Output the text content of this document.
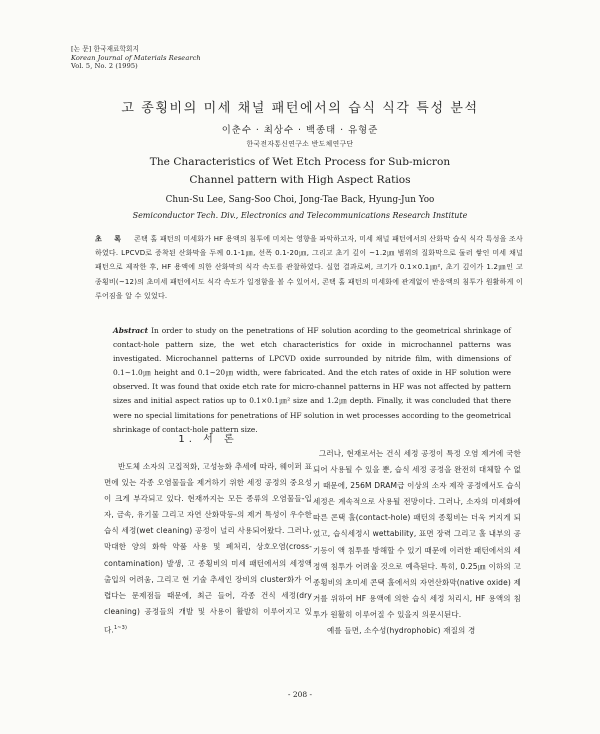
[논 문] 한국재료학회지
Korean Journal of Materials Research
Vol. 5, No. 2 (1995)
고 종횡비의 미세 채널 패턴에서의 습식 식각 특성 분석
이춘수 · 최상수 · 백종태 · 유형준
한국전자통신연구소 반도체연구단
The Characteristics of Wet Etch Process for Sub-micron
Channel pattern with High Aspect Ratios
Chun-Su Lee, Sang-Soo Choi, Jong-Tae Back, Hyung-Jun Yoo
Semiconductor Tech. Div., Electronics and Telecommunications Research Institute
초 록 콘택 홀 패턴의 미세화가 HF 용액의 침투에 미치는 영향을 파악하고자, 미세 채널 패턴에서의 산화막 습식 식각 특성을 조사하였다. LPCVD로 증착된 산화막을 두께 0.1-1㎛, 선폭 0.1-20㎛, 그리고 초기 깊이 ~1.2㎛ 범위의 질화막으로 둘러 쌓인 미세 채널 패턴으로 제작한 후, HF 용액에 의한 산화막의 식각 속도를 관찰하였다. 실험 결과로써, 크기가 0.1×0.1㎛², 초기 깊이가 1.2㎛인 고 종횡비(~12)의 초미세 패턴에서도 식각 속도가 일정함을 볼 수 있어서, 콘택 홀 패턴의 미세화에 관계없이 반응액의 침투가 원활하게 이루어짐을 알 수 있었다.
Abstract In order to study on the penetrations of HF solution acording to the geometrical shrinkage of contact-hole pattern size, the wet etch characteristics for oxide in microchannel patterns was investigated. Microchannel patterns of LPCVD oxide surrounded by nitride film, with dimensions of 0.1~1.0㎛ height and 0.1~20㎛ width, were fabricated. And the etch rates of oxide in HF solution were observed. It was found that oxide etch rate for micro-channel patterns in HF was not affected by pattern sizes and initial aspect ratios up to 0.1×0.1㎛² size and 1.2㎛ depth. Finally, it was concluded that there were no special limitations for penetrations of HF solution in wet processes according to the geometrical shrinkage of contact-hole pattern size.
1. 서 론

반도체 소자의 고집적화, 고성능화 추세에 따라, 웨이퍼 표면에 있는 각종 오염물들을 제거하기 위한 세정 공정의 중요성이 크게 부각되고 있다. 현재까지는 모든 종류의 오염물들-입자, 금속, 유기물 그리고 자연 산화막등-의 제거 특성이 우수한 습식 세정(wet cleaning) 공정이 널리 사용되어왔다. 그러나, 막대한 양의 화학 약품 사용 및 폐처리, 상호오염(cross-contamination) 발생, 고 종횡비의 미세 패턴에서의 세정액 출입의 어려움, 그리고 현 기술 추세인 장비의 cluster화가 어렵다는 문제점들 때문에, 최근 들어, 각종 건식 세정(dry cleaning) 공정들의 개발 및 사용이 활발히 이루어지고 있다.$^{1\sim 3)}$

그러나, 현재로서는 건식 세정 공정이 특정 오염 제거에 국한되어 사용될 수 있을 뿐, 습식 세정 공정을 완전히 대체할 수 없기 때문에, 256M DRAM급 이상의 소자 제작 공정에서도 습식 세정은 계속적으로 사용될 전망이다. 그러나, 소자의 미세화에 따른 콘택 홀(contact-hole) 패턴의 종횡비는 더욱 커지게 되었고, 습식세정시 wettability, 표면 장력 그리고 홀 내부의 공기등이 액 침투를 방해할 수 있기 때문에 이러한 패턴에서의 세정액 침투가 어려울 것으로 예측된다. 특히, 0.25㎛ 이하의 고 종횡비의 초미세 콘택 홀에서의 자연산화막(native oxide) 제거를 위하여 HF 용액에 의한 습식 세정 처리시, HF 용액의 침투가 원활히 이루어질 수 있을지 의문시된다.

예를 들면, 소수성(hydrophobic) 재질의 경

- 208 -
